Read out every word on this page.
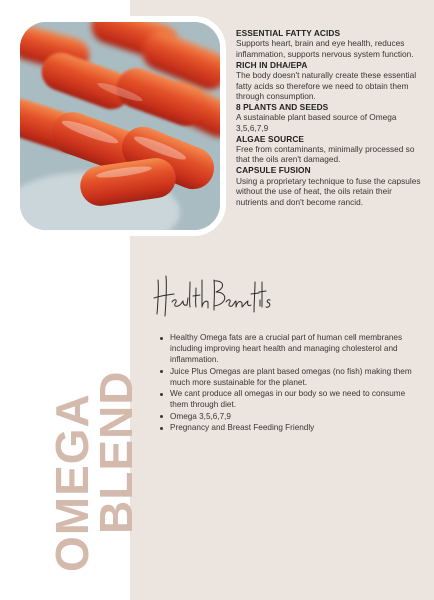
ESSENTIAL FATTY ACIDS
Supports heart, brain and eye health, reduces inflammation, supports nervous system function.
RICH IN DHA/EPA
The body doesn't naturally create these essential fatty acids so therefore we need to obtain them through consumption.
8 PLANTS AND SEEDS
A sustainable plant based source of Omega 3,5,6,7,9
ALGAE SOURCE
Free from contaminants, minimally processed so that the oils aren't damaged.
CAPSULE FUSION
Using a proprietary technique to fuse the capsules without the use of heat, the oils retain their nutrients and don't become rancid.
Healthy Omega fats are a crucial part of human cell membranes including improving heart health and managing cholesterol and inflammation.
Juice Plus Omegas are plant based omegas (no fish) making them much more sustainable for the planet.
We cant produce all omegas in our body so we need to consume them through diet.
Omega 3,5,6,7,9
Pregnancy and Breast Feeding Friendly
OMEGA
BLEND
